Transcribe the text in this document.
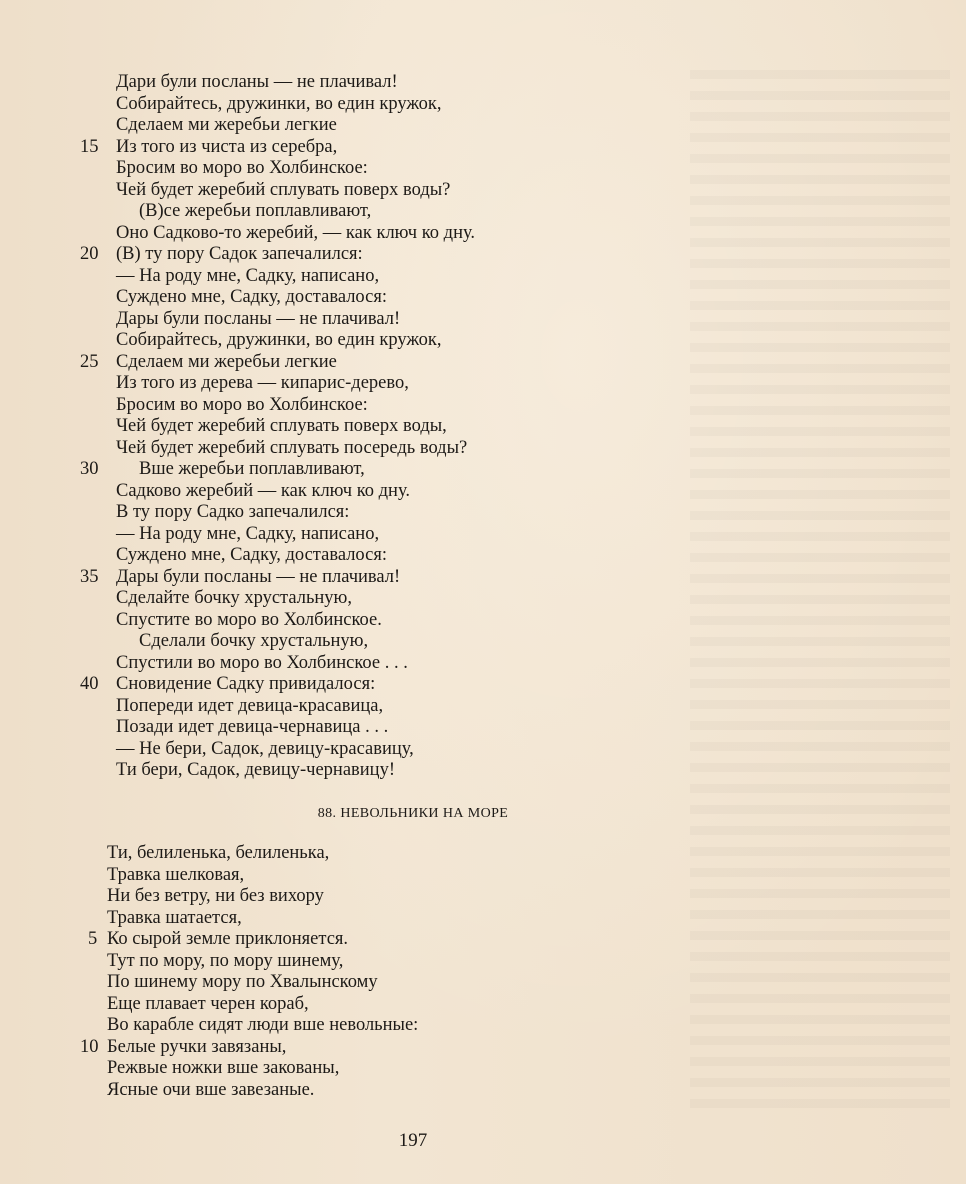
Дари були посланы — не плачивал!
Собирайтесь, дружинки, во един кружок,
Сделаем ми жеребьи легкие
15 Из того из чиста из серебра,
Бросим во моро во Холбинское:
Чей будет жеребий сплувать поверх воды?
(В)се жеребьи поплавливают,
Оно Садково-то жеребий, — как ключ ко дну.
20 (В) ту пору Садок запечалился:
— На роду мне, Садку, написано,
Суждено мне, Садку, доставалося:
Дары були посланы — не плачивал!
Собирайтесь, дружинки, во един кружок,
25 Сделаем ми жеребьи легкие
Из того из дерева — кипарис-дерево,
Бросим во моро во Холбинское:
Чей будет жеребий сплувать поверх воды,
Чей будет жеребий сплувать посередь воды?
30	Вше жеребьи поплавливают,
Садково жеребий — как ключ ко дну.
В ту пору Садко запечалился:
— На роду мне, Садку, написано,
Суждено мне, Садку, доставалося:
35 Дары були посланы — не плачивал!
Сделайте бочку хрустальную,
Спустите во моро во Холбинское.
Сделали бочку хрустальную,
Спустили во моро во Холбинское . . .
40 Сновидение Садку привидалося:
Попереди идет девица-красавица,
Позади идет девица-чернавица . . .
— Не бери, Садок, девицу-красавицу,
Ти бери, Садок, девицу-чернавицу!
88. НЕВОЛЬНИКИ НА МОРЕ
Ти, белиленька, белиленька,
Травка шелковая,
Ни без ветру, ни без вихору
Травка шатается,
5 Ко сырой земле приклоняется.
Тут по мору, по мору шинему,
По шинему мору по Хвалынскому
Еще плавает черен кораб,
Во карабле сидят люди вше невольные:
10 Белые ручки завязаны,
Режвые ножки вше закованы,
Ясные очи вше завезаные.
197
